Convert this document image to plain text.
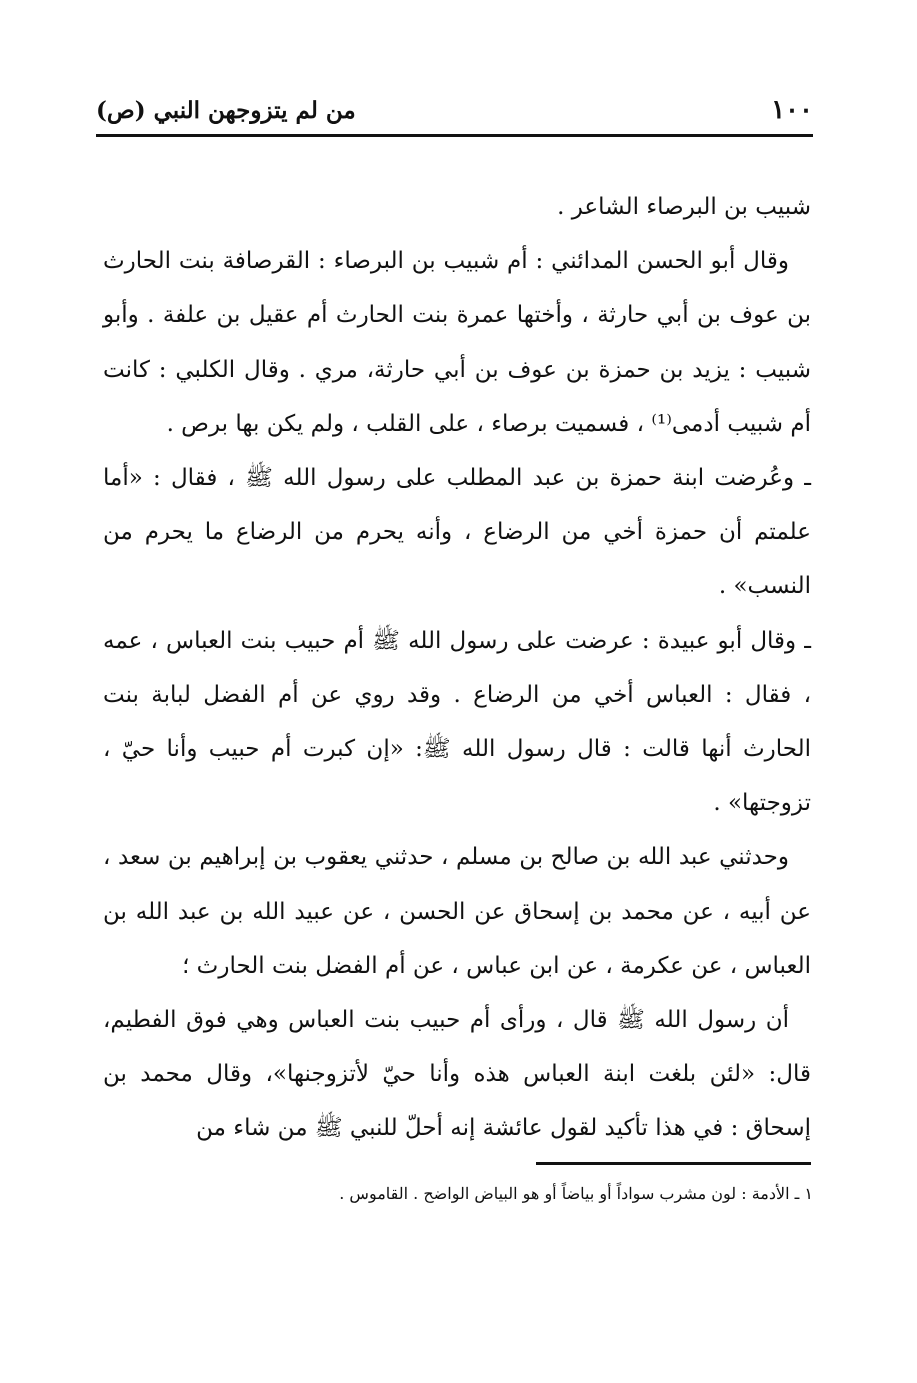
١٠٠
من لم يتزوجهن النبي (ص)

شبيب بن البرصاء الشاعر .

وقال أبو الحسن المدائني : أم شبيب بن البرصاء : القرصافة بنت الحارث بن عوف بن أبي حارثة ، وأختها عمرة بنت الحارث أم عقيل بن علفة . وأبو شبيب : يزيد بن حمزة بن عوف بن أبي حارثة، مري . وقال الكلبي : كانت أم شبيب أدمى⁽¹⁾ ، فسميت برصاء ، على القلب ، ولم يكن بها برص .

ـ وعُرضت ابنة حمزة بن عبد المطلب على رسول الله ﷺ ، فقال : «أما علمتم أن حمزة أخي من الرضاع ، وأنه يحرم من الرضاع ما يحرم من النسب» .

ـ وقال أبو عبيدة : عرضت على رسول الله ﷺ أم حبيب بنت العباس ، عمه ، فقال : العباس أخي من الرضاع . وقد روي عن أم الفضل لبابة بنت الحارث أنها قالت : قال رسول الله ﷺ: «إن كبرت أم حبيب وأنا حيّ ، تزوجتها» .

وحدثني عبد الله بن صالح بن مسلم ، حدثني يعقوب بن إبراهيم بن سعد ، عن أبيه ، عن محمد بن إسحاق عن الحسن ، عن عبيد الله بن عبد الله بن العباس ، عن عكرمة ، عن ابن عباس ، عن أم الفضل بنت الحارث ؛

أن رسول الله ﷺ قال ، ورأى أم حبيب بنت العباس وهي فوق الفطيم، قال: «لئن بلغت ابنة العباس هذه وأنا حيّ لأتزوجنها»، وقال محمد بن إسحاق : في هذا تأكيد لقول عائشة إنه أحلّ للنبي ﷺ من شاء من

١ ـ الأدمة : لون مشرب سواداً أو بياضاً أو هو البياض الواضح . القاموس .
